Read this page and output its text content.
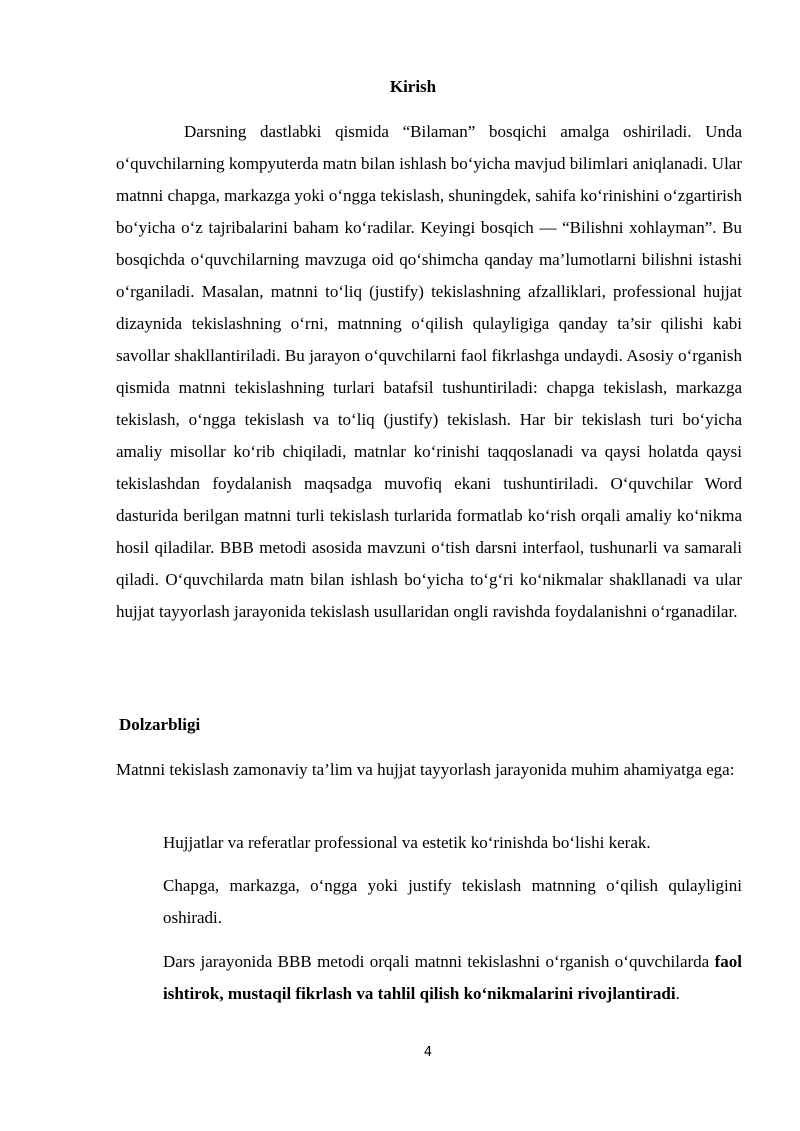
Kirish

Darsning dastlabki qismida “Bilaman” bosqichi amalga oshiriladi. Unda o‘quvchilarning kompyuterda matn bilan ishlash bo‘yicha mavjud bilimlari aniqlanadi. Ular matnni chapga, markazga yoki o‘ngga tekislash, shuningdek, sahifa ko‘rinishini o‘zgartirish bo‘yicha o‘z tajribalarini baham ko‘radilar. Keyingi bosqich — “Bilishni xohlayman”. Bu bosqichda o‘quvchilarning mavzuga oid qo‘shimcha qanday ma’lumotlarni bilishni istashi o‘rganiladi. Masalan, matnni to‘liq (justify) tekislashning afzalliklari, professional hujjat dizaynida tekislashning o‘rni, matnning o‘qilish qulayligiga qanday ta’sir qilishi kabi savollar shakllantiriladi. Bu jarayon o‘quvchilarni faol fikrlashga undaydi. Asosiy o‘rganish qismida matnni tekislashning turlari batafsil tushuntiriladi: chapga tekislash, markazga tekislash, o‘ngga tekislash va to‘liq (justify) tekislash. Har bir tekislash turi bo‘yicha amaliy misollar ko‘rib chiqiladi, matnlar ko‘rinishi taqqoslanadi va qaysi holatda qaysi tekislashdan foydalanish maqsadga muvofiq ekani tushuntiriladi. O‘quvchilar Word dasturida berilgan matnni turli tekislash turlarida formatlab ko‘rish orqali amaliy ko‘nikma hosil qiladilar. BBB metodi asosida mavzuni o‘tish darsni interfaol, tushunarli va samarali qiladi. O‘quvchilarda matn bilan ishlash bo‘yicha to‘g‘ri ko‘nikmalar shakllanadi va ular hujjat tayyorlash jarayonida tekislash usullaridan ongli ravishda foydalanishni o‘rganadilar.

Dolzarbligi

Matnni tekislash zamonaviy ta’lim va hujjat tayyorlash jarayonida muhim ahamiyatga ega:

Hujjatlar va referatlar professional va estetik ko‘rinishda bo‘lishi kerak.

Chapga, markazga, o‘ngga yoki justify tekislash matnning o‘qilish qulayligini oshiradi.

Dars jarayonida BBB metodi orqali matnni tekislashni o‘rganish o‘quvchilarda faol ishtirok, mustaqil fikrlash va tahlil qilish ko‘nikmalarini rivojlantiradi.

4
